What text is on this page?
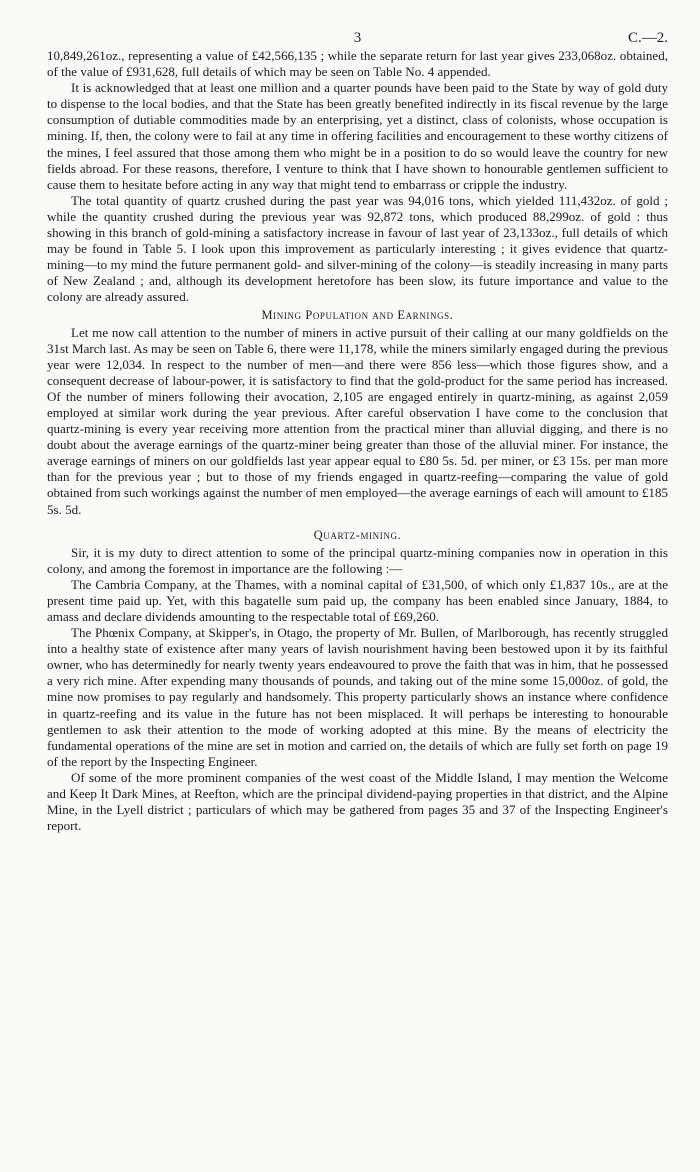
3	C.—2.

10,849,261oz., representing a value of £42,566,135 ; while the separate return for last year gives 233,068oz. obtained, of the value of £931,628, full details of which may be seen on Table No. 4 appended.

It is acknowledged that at least one million and a quarter pounds have been paid to the State by way of gold duty to dispense to the local bodies, and that the State has been greatly benefited indirectly in its fiscal revenue by the large consumption of dutiable commodities made by an enterprising, yet a distinct, class of colonists, whose occupation is mining. If, then, the colony were to fail at any time in offering facilities and encouragement to these worthy citizens of the mines, I feel assured that those among them who might be in a position to do so would leave the country for new fields abroad. For these reasons, therefore, I venture to think that I have shown to honourable gentlemen sufficient to cause them to hesitate before acting in any way that might tend to embarrass or cripple the industry.

The total quantity of quartz crushed during the past year was 94,016 tons, which yielded 111,432oz. of gold ; while the quantity crushed during the previous year was 92,872 tons, which produced 88,299oz. of gold : thus showing in this branch of gold-mining a satisfactory increase in favour of last year of 23,133oz., full details of which may be found in Table 5. I look upon this improvement as particularly interesting ; it gives evidence that quartz-mining—to my mind the future permanent gold- and silver-mining of the colony—is steadily increasing in many parts of New Zealand ; and, although its development heretofore has been slow, its future importance and value to the colony are already assured.

Mining Population and Earnings.

Let me now call attention to the number of miners in active pursuit of their calling at our many goldfields on the 31st March last. As may be seen on Table 6, there were 11,178, while the miners similarly engaged during the previous year were 12,034. In respect to the number of men—and there were 856 less—which those figures show, and a consequent decrease of labour-power, it is satisfactory to find that the gold-product for the same period has increased. Of the number of miners following their avocation, 2,105 are engaged entirely in quartz-mining, as against 2,059 employed at similar work during the year previous. After careful observation I have come to the conclusion that quartz-mining is every year receiving more attention from the practical miner than alluvial digging, and there is no doubt about the average earnings of the quartz-miner being greater than those of the alluvial miner. For instance, the average earnings of miners on our goldfields last year appear equal to £80 5s. 5d. per miner, or £3 15s. per man more than for the previous year ; but to those of my friends engaged in quartz-reefing—comparing the value of gold obtained from such workings against the number of men employed—the average earnings of each will amount to £185 5s. 5d.

Quartz-mining.

Sir, it is my duty to direct attention to some of the principal quartz-mining companies now in operation in this colony, and among the foremost in importance are the following :—

The Cambria Company, at the Thames, with a nominal capital of £31,500, of which only £1,837 10s., are at the present time paid up. Yet, with this bagatelle sum paid up, the company has been enabled since January, 1884, to amass and declare dividends amounting to the respectable total of £69,260.

The Phœnix Company, at Skipper's, in Otago, the property of Mr. Bullen, of Marlborough, has recently struggled into a healthy state of existence after many years of lavish nourishment having been bestowed upon it by its faithful owner, who has determinedly for nearly twenty years endeavoured to prove the faith that was in him, that he possessed a very rich mine. After expending many thousands of pounds, and taking out of the mine some 15,000oz. of gold, the mine now promises to pay regularly and handsomely. This property particularly shows an instance where confidence in quartz-reefing and its value in the future has not been misplaced. It will perhaps be interesting to honourable gentlemen to ask their attention to the mode of working adopted at this mine. By the means of electricity the fundamental operations of the mine are set in motion and carried on, the details of which are fully set forth on page 19 of the report by the Inspecting Engineer.

Of some of the more prominent companies of the west coast of the Middle Island, I may mention the Welcome and Keep It Dark Mines, at Reefton, which are the principal dividend-paying properties in that district, and the Alpine Mine, in the Lyell district ; particulars of which may be gathered from pages 35 and 37 of the Inspecting Engineer's report.
